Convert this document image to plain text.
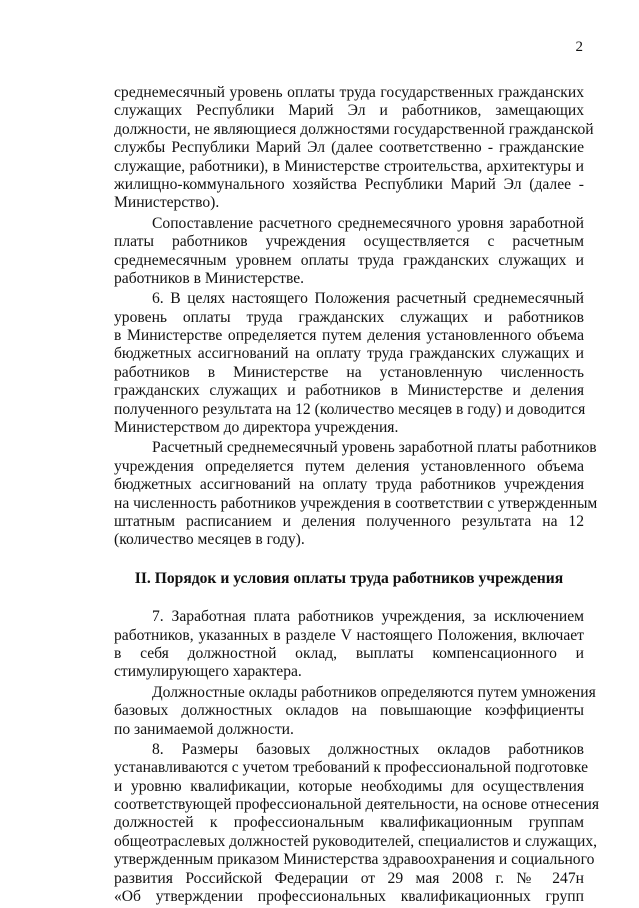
2

среднемесячный уровень оплаты труда государственных гражданских
служащих Республики Марий Эл и работников, замещающих
должности, не являющиеся должностями государственной гражданской
службы Республики Марий Эл (далее соответственно - гражданские
служащие, работники), в Министерстве строительства, архитектуры и
жилищно-коммунального хозяйства Республики Марий Эл (далее -
Министерство).

Сопоставление расчетного среднемесячного уровня заработной
платы работников учреждения осуществляется с расчетным
среднемесячным уровнем оплаты труда гражданских служащих и
работников в Министерстве.

6. В целях настоящего Положения расчетный среднемесячный
уровень оплаты труда гражданских служащих и работников
в Министерстве определяется путем деления установленного объема
бюджетных ассигнований на оплату труда гражданских служащих и
работников в Министерстве на установленную численность
гражданских служащих и работников в Министерстве и деления
полученного результата на 12 (количество месяцев в году) и доводится
Министерством до директора учреждения.

Расчетный среднемесячный уровень заработной платы работников
учреждения определяется путем деления установленного объема
бюджетных ассигнований на оплату труда работников учреждения
на численность работников учреждения в соответствии с утвержденным
штатным расписанием и деления полученного результата на 12
(количество месяцев в году).

II. Порядок и условия оплаты труда работников учреждения

7. Заработная плата работников учреждения, за исключением
работников, указанных в разделе V настоящего Положения, включает
в себя должностной оклад, выплаты компенсационного и
стимулирующего характера.

Должностные оклады работников определяются путем умножения
базовых должностных окладов на повышающие коэффициенты
по занимаемой должности.

8. Размеры базовых должностных окладов работников
устанавливаются с учетом требований к профессиональной подготовке
и уровню квалификации, которые необходимы для осуществления
соответствующей профессиональной деятельности, на основе отнесения
должностей к профессиональным квалификационным группам
общеотраслевых должностей руководителей, специалистов и служащих,
утвержденным приказом Министерства здравоохранения и социального
развития Российской Федерации от 29 мая 2008 г. № 247н
«Об утверждении профессиональных квалификационных групп
